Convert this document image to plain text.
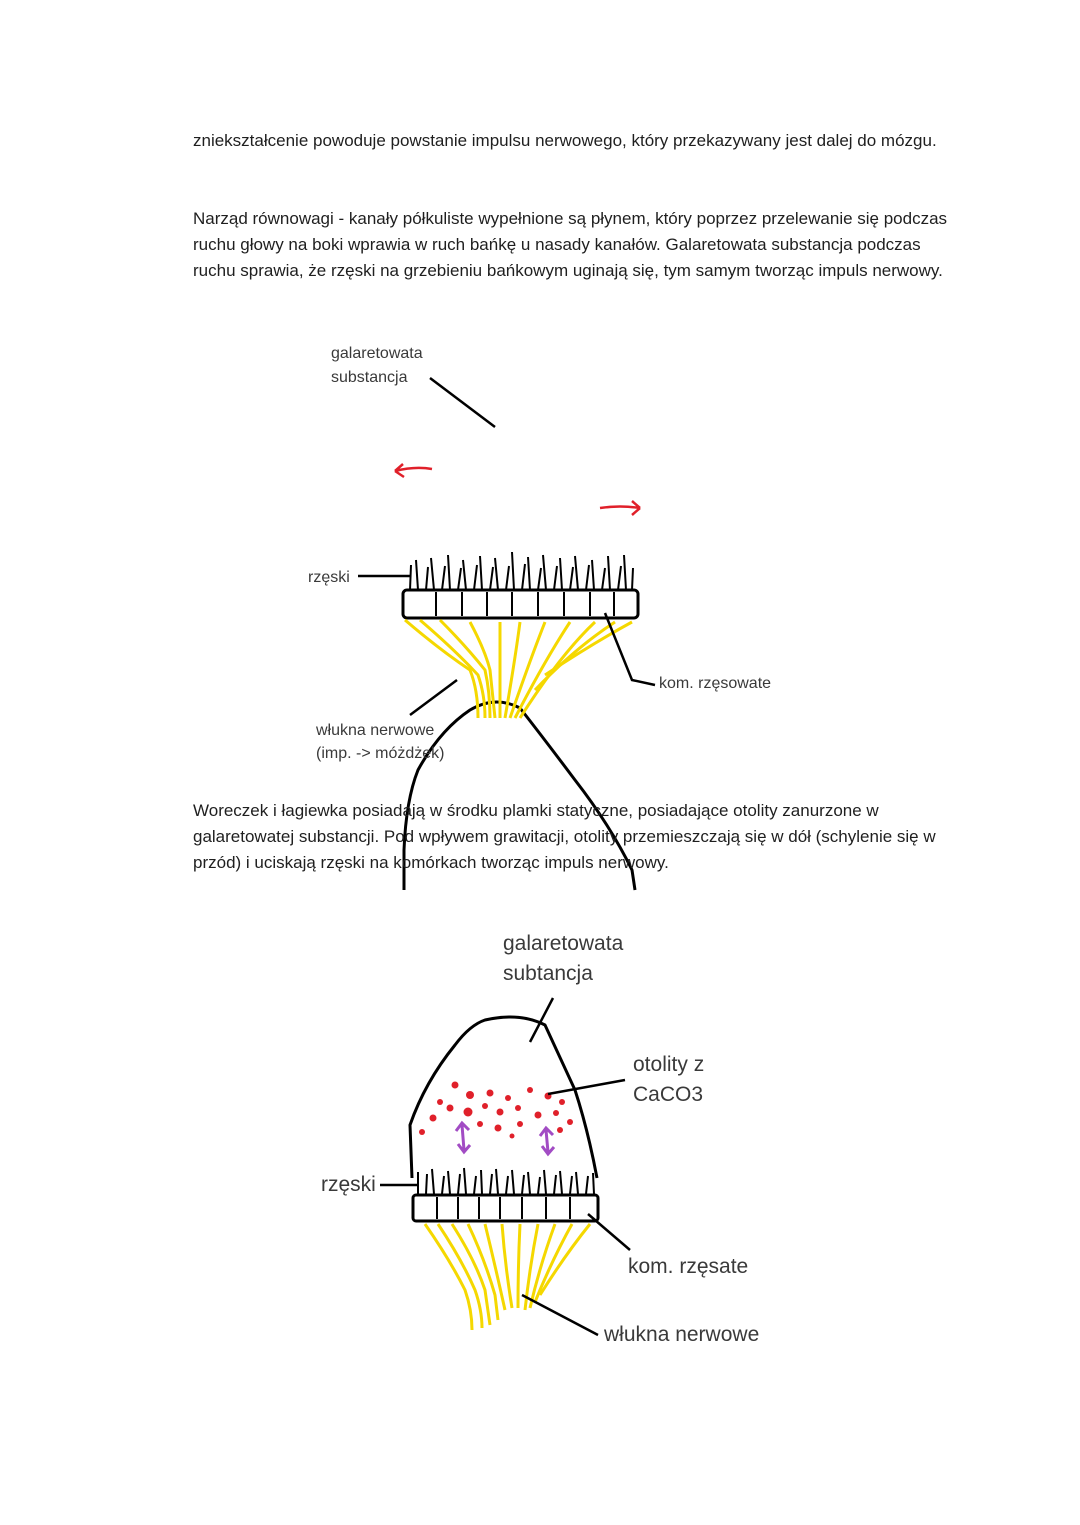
zniekształcenie powoduje powstanie impulsu nerwowego, który przekazywany jest dalej do mózgu.

Narząd równowagi - kanały półkuliste wypełnione są płynem, który poprzez przelewanie się podczas ruchu głowy na boki wprawia w ruch bańkę u nasady kanałów. Galaretowata substancja podczas ruchu sprawia, że rzęski na grzebieniu bańkowym uginają się, tym samym tworząc impuls nerwowy.

galaretowata

substancja

rzęski

kom. rzęsowate

włukna nerwowe

(imp. -> móżdżek)

Woreczek i łagiewka posiadają w środku plamki statyczne, posiadające otolity zanurzone w galaretowatej substancji. Pod wpływem grawitacji, otolity przemieszczają się w dół (schylenie się w przód) i uciskają rzęski na komórkach tworząc impuls nerwowy.

galaretowata

subtancja

otolity z

CaCO3

rzęski

kom. rzęsate

włukna nerwowe
